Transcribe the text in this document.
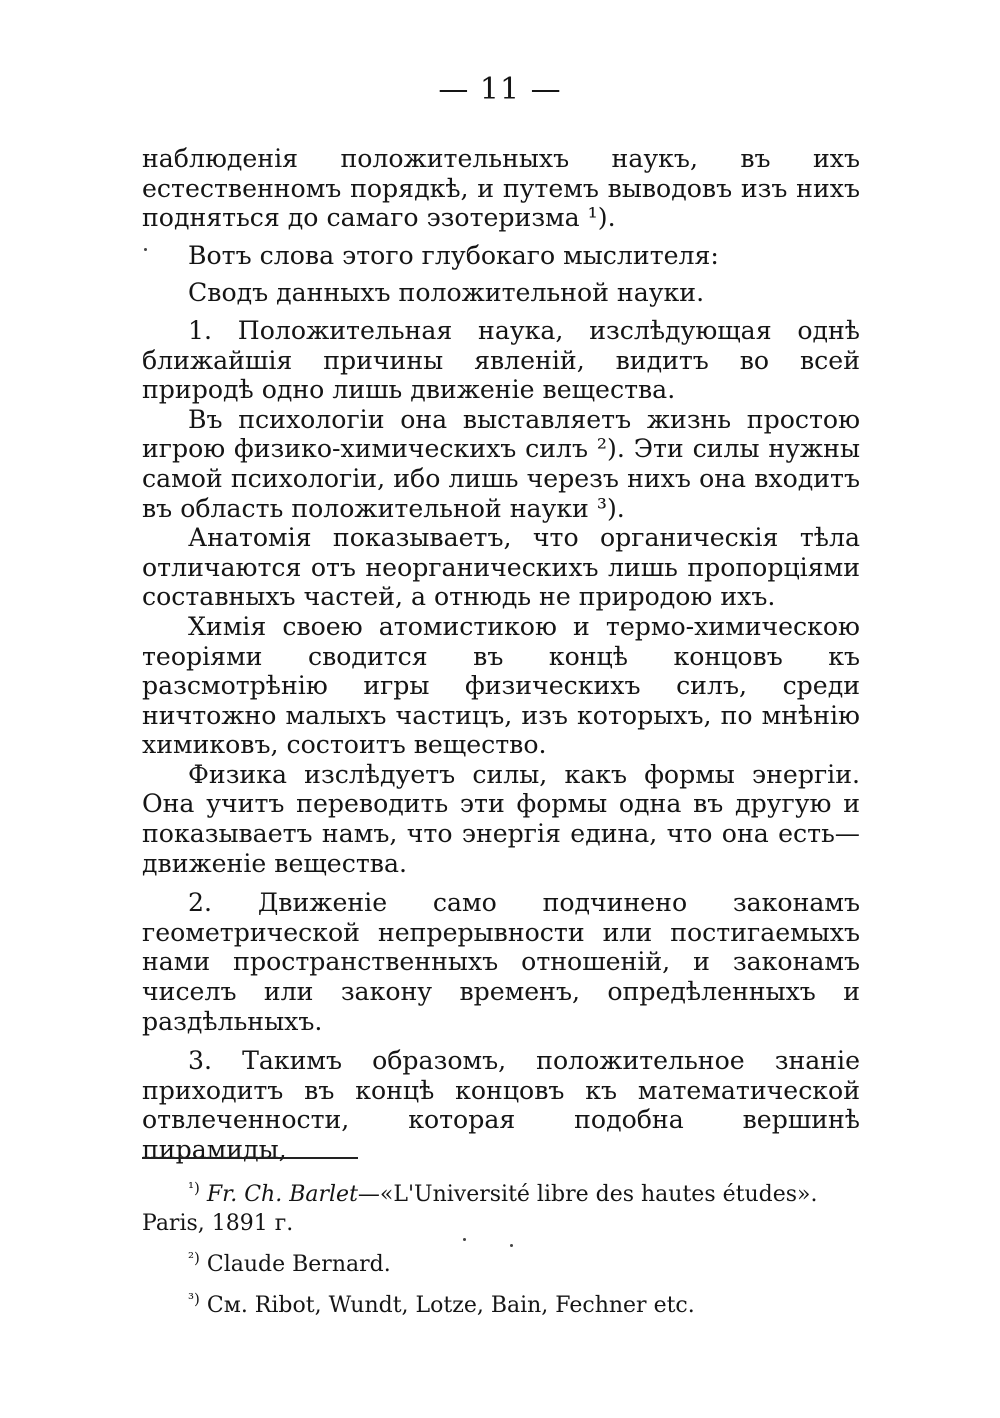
— 11 —

наблюденія положительныхъ наукъ, въ ихъ естественномъ порядкѣ, и путемъ выводовъ изъ нихъ подняться до самаго эзотеризма ¹).

Вотъ слова этого глубокаго мыслителя:

Сводъ данныхъ положительной науки.

1. Положительная наука, изслѣдующая однѣ ближайшія причины явленій, видитъ во всей природѣ одно лишь движеніе вещества.

Въ психологіи она выставляетъ жизнь простою игрою физико-химическихъ силъ ²). Эти силы нужны самой психологіи, ибо лишь черезъ нихъ она входитъ въ область положительной науки ³).

Анатомія показываетъ, что органическія тѣла отличаются отъ неорганическихъ лишь пропорціями составныхъ частей, а отнюдь не природою ихъ.

Химія своею атомистикою и термо-химическою теоріями сводится въ концѣ концовъ къ разсмотрѣнію игры физическихъ силъ, среди ничтожно малыхъ частицъ, изъ которыхъ, по мнѣнію химиковъ, состоитъ вещество.

Физика изслѣдуетъ силы, какъ формы энергіи. Она учитъ переводить эти формы одна въ другую и показываетъ намъ, что энергія едина, что она есть—движеніе вещества.

2. Движеніе само подчинено законамъ геометрической непрерывности или постигаемыхъ нами пространственныхъ отношеній, и законамъ чиселъ или закону временъ, опредѣленныхъ и раздѣльныхъ.

3. Такимъ образомъ, положительное знаніе приходитъ въ концѣ концовъ къ математической отвлеченности, которая подобна вершинѣ пирамиды,

$^{^1)}$ Fr. Ch. Barlet—«L'Université libre des hautes études». Paris, 1891 г.

$^{^2)}$ Claude Bernard.

$^{^3)}$ См. Ribot, Wundt, Lotze, Bain, Fechner etc.
